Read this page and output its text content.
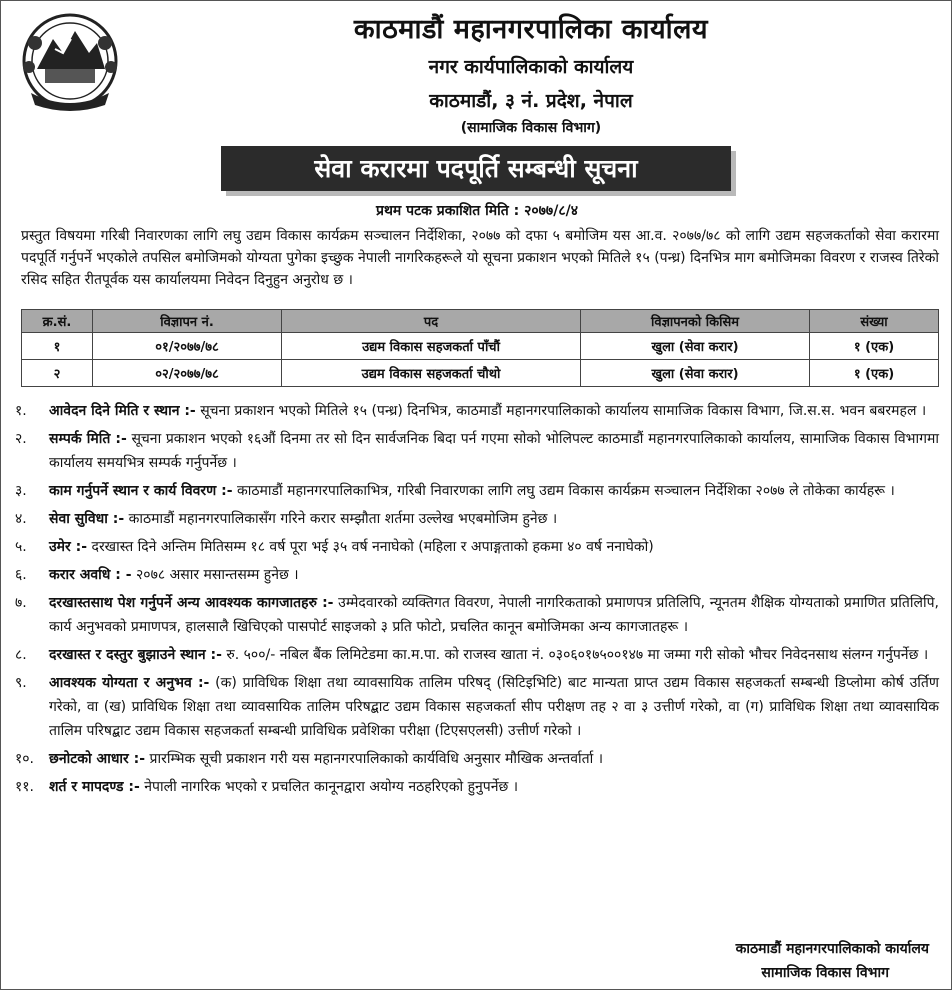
काठमाडौं महानगरपालिका कार्यालय
नगर कार्यपालिकाको कार्यालय
काठमाडौं, ३ नं. प्रदेश, नेपाल
(सामाजिक विकास विभाग)
सेवा करारमा पदपूर्ति सम्बन्धी सूचना
प्रथम पटक प्रकाशित मिति : २०७७/८/४
प्रस्तुत विषयमा गरिबी निवारणका लागि लघु उद्यम विकास कार्यक्रम सञ्चालन निर्देशिका, २०७७ को दफा ५ बमोजिम यस आ.व. २०७७/७८ को लागि उद्यम सहजकर्ताको सेवा करारमा पदपूर्ति गर्नुपर्ने भएकोले तपसिल बमोजिमको योग्यता पुगेका इच्छुक नेपाली नागरिकहरूले यो सूचना प्रकाशन भएको मितिले १५ (पन्ध्र) दिनभित्र माग बमोजिमका विवरण र राजस्व तिरेको रसिद सहित रीतपूर्वक यस कार्यालयमा निवेदन दिनुहुन अनुरोध छ ।
क्र.सं.	विज्ञापन नं.	पद	विज्ञापनको किसिम	संख्या
१	०१/२०७७/७८	उद्यम विकास सहजकर्ता पाँचौं	खुला (सेवा करार)	१ (एक)
२	०२/२०७७/७८	उद्यम विकास सहजकर्ता चौथो	खुला (सेवा करार)	१ (एक)
१.	आवेदन दिने मिति र स्थान :- सूचना प्रकाशन भएको मितिले १५ (पन्ध्र) दिनभित्र, काठमाडौं महानगरपालिकाको कार्यालय सामाजिक विकास विभाग, जि.स.स. भवन बबरमहल ।
२.	सम्पर्क मिति :- सूचना प्रकाशन भएको १६औं दिनमा तर सो दिन सार्वजनिक बिदा पर्न गएमा सोको भोलिपल्ट काठमाडौं महानगरपालिकाको कार्यालय, सामाजिक विकास विभागमा कार्यालय समयभित्र सम्पर्क गर्नुपर्नेछ ।
३.	काम गर्नुपर्ने स्थान र कार्य विवरण :- काठमाडौं महानगरपालिकाभित्र, गरिबी निवारणका लागि लघु उद्यम विकास कार्यक्रम सञ्चालन निर्देशिका २०७७ ले तोकेका कार्यहरू ।
४.	सेवा सुविधा :- काठमाडौं महानगरपालिकासँग गरिने करार सम्झौता शर्तमा उल्लेख भएबमोजिम हुनेछ ।
५.	उमेर :- दरखास्त दिने अन्तिम मितिसम्म १८ वर्ष पूरा भई ३५ वर्ष ननाघेको (महिला र अपाङ्गताको हकमा ४० वर्ष ननाघेको)
६.	करार अवधि : - २०७८ असार मसान्तसम्म हुनेछ ।
७.	दरखास्तसाथ पेश गर्नुपर्ने अन्य आवश्यक कागजातहरु :- उम्मेदवारको व्यक्तिगत विवरण, नेपाली नागरिकताको प्रमाणपत्र प्रतिलिपि, न्यूनतम शैक्षिक योग्यताको प्रमाणित प्रतिलिपि, कार्य अनुभवको प्रमाणपत्र, हालसालै खिचिएको पासपोर्ट साइजको ३ प्रति फोटो, प्रचलित कानून बमोजिमका अन्य कागजातहरू ।
८.	दरखास्त र दस्तुर बुझाउने स्थान :- रु. ५००/- नबिल बैंक लिमिटेडमा का.म.पा. को राजस्व खाता नं. ०३०६०१७५००१४७ मा जम्मा गरी सोको भौचर निवेदनसाथ संलग्न गर्नुपर्नेछ ।
९.	आवश्यक योग्यता र अनुभव :- (क) प्राविधिक शिक्षा तथा व्यावसायिक तालिम परिषद् (सिटिइभिटि) बाट मान्यता प्राप्त उद्यम विकास सहजकर्ता सम्बन्धी डिप्लोमा कोर्ष उर्तिण गरेको, वा (ख) प्राविधिक शिक्षा तथा व्यावसायिक तालिम परिषद्बाट उद्यम विकास सहजकर्ता सीप परीक्षण तह २ वा ३ उत्तीर्ण गरेको, वा (ग) प्राविधिक शिक्षा तथा व्यावसायिक तालिम परिषद्बाट उद्यम विकास सहजकर्ता सम्बन्धी प्राविधिक प्रवेशिका परीक्षा (टिएसएलसी) उत्तीर्ण गरेको ।
१०.	छनोटको आधार :- प्रारम्भिक सूची प्रकाशन गरी यस महानगरपालिकाको कार्यविधि अनुसार मौखिक अन्तर्वार्ता ।
११.	शर्त र मापदण्ड :- नेपाली नागरिक भएको र प्रचलित कानूनद्वारा अयोग्य नठहरिएको हुनुपर्नेछ ।
काठमाडौं महानगरपालिकाको कार्यालय
सामाजिक विकास विभाग
